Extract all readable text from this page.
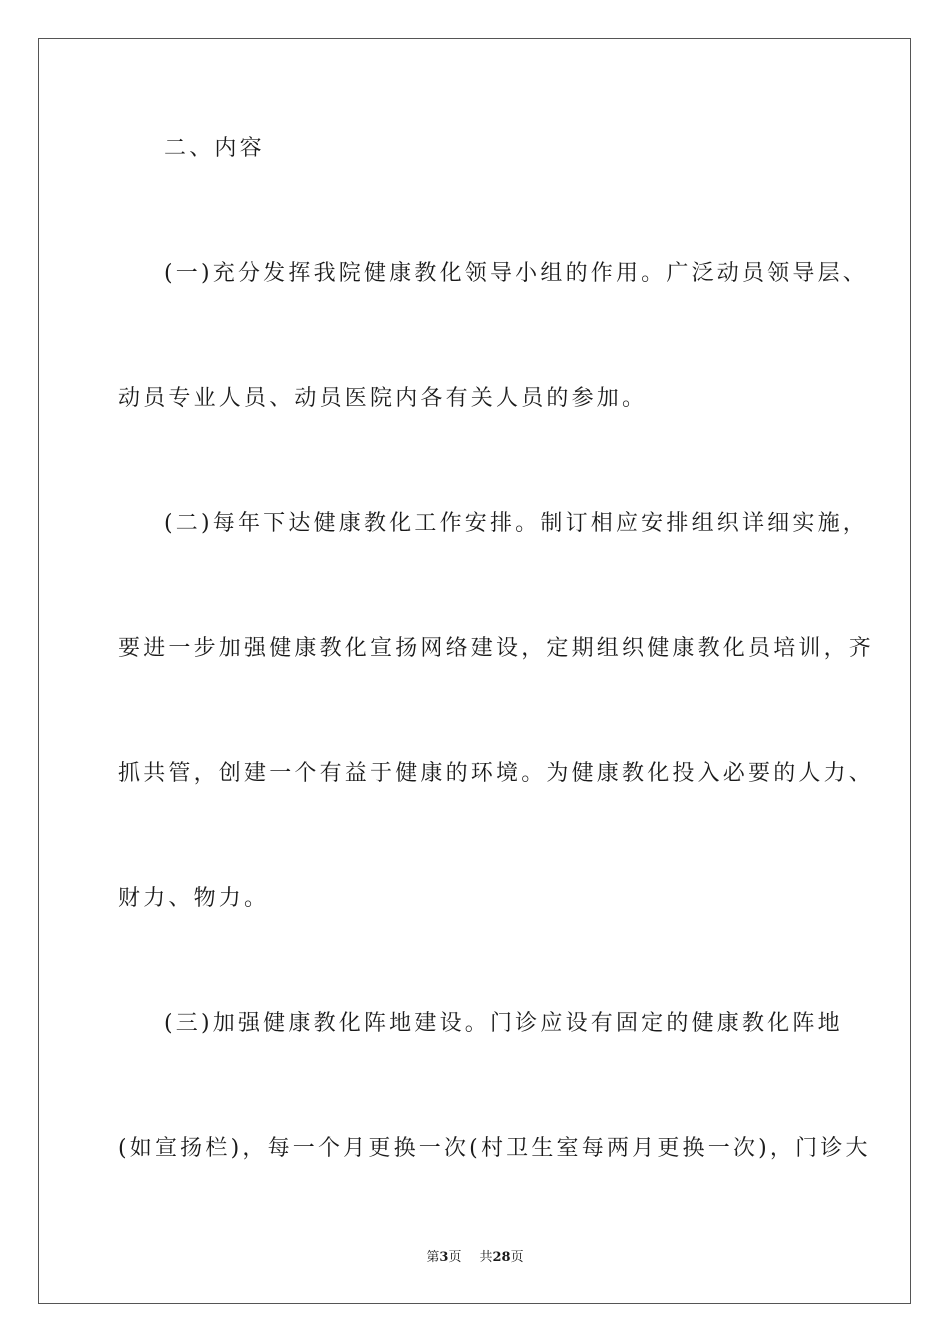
二、内容
(一)充分发挥我院健康教化领导小组的作用。广泛动员领导层、
动员专业人员、动员医院内各有关人员的参加。
(二)每年下达健康教化工作安排。制订相应安排组织详细实施，
要进一步加强健康教化宣扬网络建设，定期组织健康教化员培训，齐
抓共管，创建一个有益于健康的环境。为健康教化投入必要的人力、
财力、物力。
(三)加强健康教化阵地建设。门诊应设有固定的健康教化阵地
(如宣扬栏)，每一个月更换一次(村卫生室每两月更换一次)，门诊大
第3页 共28页
